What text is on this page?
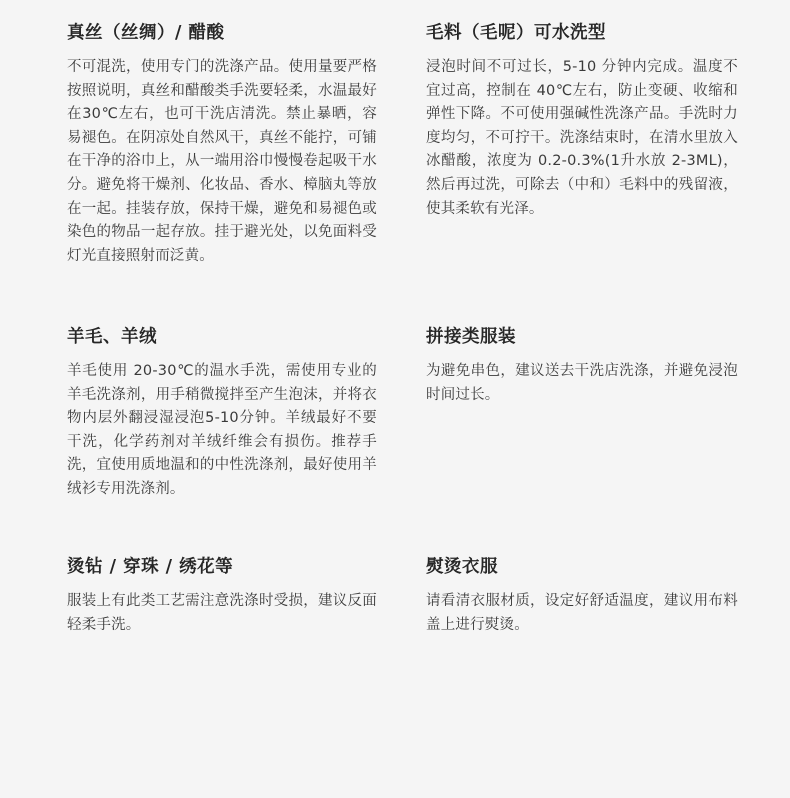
真丝（丝绸）/ 醋酸

不可混洗，使用专门的洗涤产品。使用量要严格按照说明，真丝和醋酸类手洗要轻柔，水温最好在30℃左右，也可干洗店清洗。禁止暴晒，容易褪色。在阴凉处自然风干，真丝不能拧，可铺在干净的浴巾上，从一端用浴巾慢慢卷起吸干水分。避免将干燥剂、化妆品、香水、樟脑丸等放在一起。挂装存放，保持干燥，避免和易褪色或染色的物品一起存放。挂于避光处，以免面料受灯光直接照射而泛黄。

毛料（毛呢）可水洗型

浸泡时间不可过长，5-10 分钟内完成。温度不宜过高，控制在 40℃左右，防止变硬、收缩和弹性下降。不可使用强碱性洗涤产品。手洗时力度均匀，不可拧干。洗涤结束时，在清水里放入冰醋酸，浓度为 0.2-0.3%(1升水放 2-3ML)，然后再过洗，可除去（中和）毛料中的残留液，使其柔软有光泽。

羊毛、羊绒

羊毛使用 20-30℃的温水手洗，需使用专业的羊毛洗涤剂，用手稍微搅拌至产生泡沫，并将衣物内层外翻浸湿浸泡5-10分钟。羊绒最好不要干洗，化学药剂对羊绒纤维会有损伤。推荐手洗，宜使用质地温和的中性洗涤剂，最好使用羊绒衫专用洗涤剂。

拼接类服装

为避免串色，建议送去干洗店洗涤，并避免浸泡时间过长。

烫钻 / 穿珠 / 绣花等

服装上有此类工艺需注意洗涤时受损，建议反面轻柔手洗。

熨烫衣服

请看清衣服材质，设定好舒适温度，建议用布料盖上进行熨烫。
